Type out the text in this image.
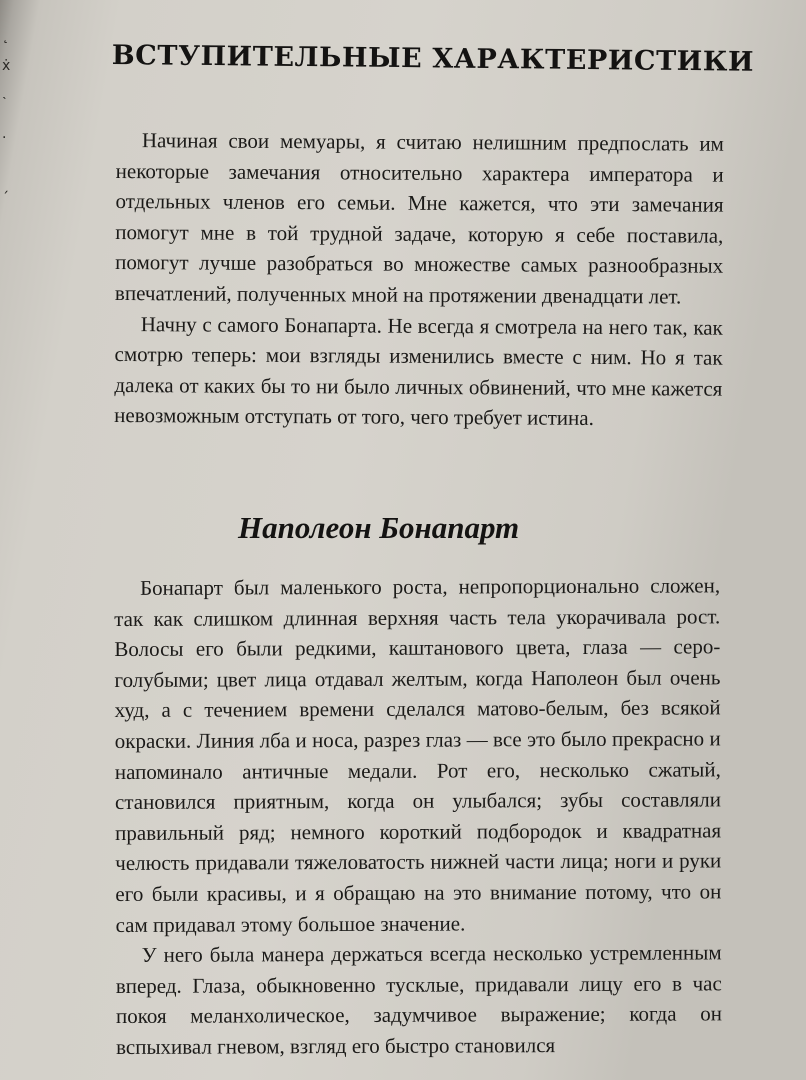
˛
ẋ
˴
·
ˏ
ВСТУПИТЕЛЬНЫЕ ХАРАКТЕРИСТИКИ

Начиная свои мемуары, я считаю нелишним предпослать им некоторые замечания относительно характера императора и отдельных членов его семьи. Мне кажется, что эти замечания помогут мне в той трудной задаче, которую я себе поставила, помогут лучше разобраться во множестве самых разнообразных впечатлений, полученных мной на протяжении двенадцати лет.

Начну с самого Бонапарта. Не всегда я смотрела на него так, как смотрю теперь: мои взгляды изменились вместе с ним. Но я так далека от каких бы то ни было личных обвинений, что мне кажется невозможным отступать от того, чего требует истина.

Наполеон Бонапарт

Бонапарт был маленького роста, непропорционально сложен, так как слишком длинная верхняя часть тела укорачивала рост. Волосы его были редкими, каштанового цвета, глаза — серо-голубыми; цвет лица отдавал желтым, когда Наполеон был очень худ, а с течением времени сделался матово-белым, без всякой окраски. Линия лба и носа, разрез глаз — все это было прекрасно и напоминало античные медали. Рот его, несколько сжатый, становился приятным, когда он улыбался; зубы составляли правильный ряд; немного короткий подбородок и квадратная челюсть придавали тяжеловатость нижней части лица; ноги и руки его были красивы, и я обращаю на это внимание потому, что он сам придавал этому большое значение.

У него была манера держаться всегда несколько устремленным вперед. Глаза, обыкновенно тусклые, придавали лицу его в час покоя меланхолическое, задумчивое выражение; когда он вспыхивал гневом, взгляд его быстро становился
